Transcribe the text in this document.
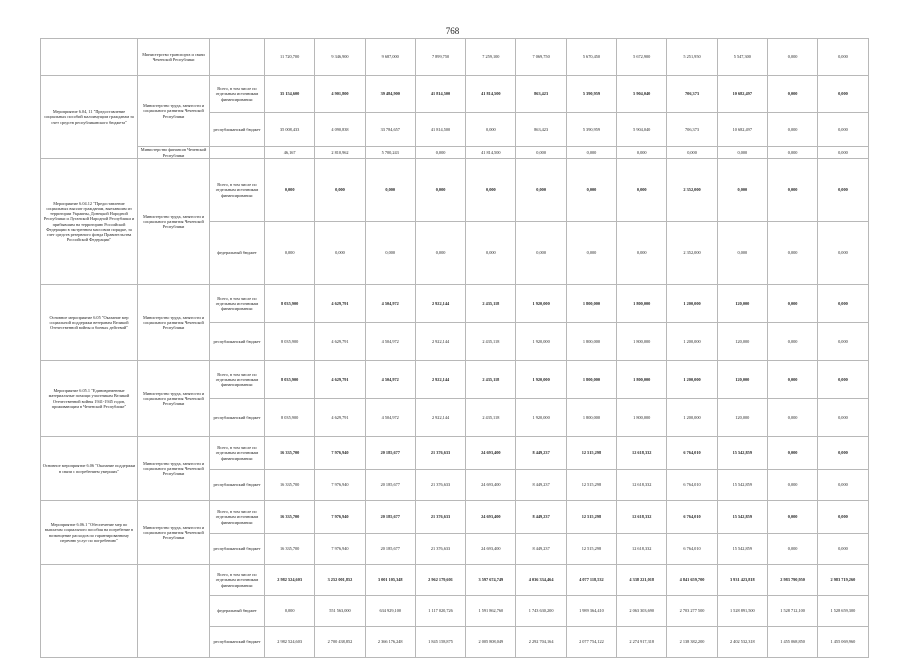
768
	Министерство транспорта и связи Чеченской Республики		11 720,700	9 346,900	9 687,000	7 899,750	7 259,100	7 069,750	5 670,450	5 672,900	5 251,950	5 547,300	0,000	0,000
Мероприятие 6.04, 11 "Предоставление социальных пособий малоимущим гражданам за счет средств республиканского бюджета"	Министерство труда, занятости и социального развития Чеченской Республики	Всего, в том числе по отдельным источникам финансирования:	35 154,600	4 901,800	39 484,900	41 814,500	41 814,500	863,423	5 390,959	5 904,040	706,373	10 682,497	0,000	0,000
		республиканский бюджет	35 008,433	4 090,838	33 784,657	41 814,500	0,000	863,423	5 390,959	5 904,040	706,373	10 682,497	0,000	0,000
	Министерство финансов Чеченской Республики		46,167	2 810,962	5 700,243	0,000	41 814,500	0,000	0,000	0,000	0,000	0,000	0,000	0,000
Мероприятие 6.04.12 "Предоставление социальных выплат гражданам, выехавшим из территории Украины, Донецкой Народной Республики и Луганской Народной Республики и прибывшим на территорию Российской Федерации в экстренном массовом порядке, за счет средств резервного фонда Правительства Российской Федерации"	Министерство труда, занятости и социального развития Чеченской Республики	Всего, в том числе по отдельным источникам финансирования:	0,000	0,000	0,000	0,000	0,000	0,000	0,000	0,000	2 352,000	0,000	0,000	0,000
		федеральный бюджет	0,000	0,000	0,000	0,000	0,000	0,000	0,000	0,000	2 352,000	0,000	0,000	0,000
Основное мероприятие 6.05 "Оказание мер социальной поддержки ветеранам Великой Отечественной войны и боевых действий"	Министерство труда, занятости и социального развития Чеченской Республики	Всего, в том числе по отдельным источникам финансирования:	8 035,900	4 629,791	4 504,972	2 922,144	2 435,118	1 920,000	1 800,000	1 800,000	1 200,000	120,000	0,000	0,000
		республиканский бюджет	8 035,900	4 629,791	4 504,972	2 922,144	2 435,118	1 920,000	1 800,000	1 800,000	1 200,000	120,000	0,000	0,000
Мероприятие 6.05.1 "Единовременные материальные помощи участникам Великой Отечественной войны 1941-1945 годов, проживающим в Чеченской Республике"	Министерство труда, занятости и социального развития Чеченской Республики	Всего, в том числе по отдельным источникам финансирования:	8 035,900	4 629,791	4 504,972	2 922,144	2 435,118	1 920,000	1 800,000	1 800,000	1 200,000	120,000	0,000	0,000
		республиканский бюджет	8 035,900	4 629,791	4 504,972	2 922,144	2 435,118	1 920,000	1 800,000	1 800,000	1 200,000	120,000	0,000	0,000
Основное мероприятие 6.06 "Оказание поддержки в связи с погребением умерших"	Министерство труда, занятости и социального развития Чеченской Республики	Всего, в том числе по отдельным источникам финансирования:	16 335,700	7 976,940	20 185,677	21 376,633	24 693,400	8 449,237	12 515,298	12 618,332	6 764,010	15 542,859	0,000	0,000
		республиканский бюджет	16 335,700	7 976,940	20 185,677	21 376,633	24 693,400	8 449,237	12 515,298	12 618,332	6 764,010	15 542,859	0,000	0,000
Мероприятие 6.06.1 "Обеспечение мер по выплатам социального пособия на погребение в возмещение расходов по гарантированному перечню услуг по погребению"	Министерство труда, занятости и социального развития Чеченской Республики	Всего, в том числе по отдельным источникам финансирования:	16 335,700	7 976,940	20 185,677	21 376,633	24 693,400	8 449,237	12 515,298	12 618,332	6 764,010	15 542,859	0,000	0,000
		республиканский бюджет	16 335,700	7 976,940	20 185,677	21 376,633	24 693,400	8 449,237	12 515,298	12 618,332	6 764,010	15 542,859	0,000	0,000
		Всего, в том числе по отдельным источникам финансирования:	2 982 524,603	3 252 001,852	3 001 105,348	2 962 179,601	3 597 674,749	4 036 334,464	4 077 118,532	4 338 221,018	4 841 659,700	3 931 423,818	2 983 790,950	2 983 719,260
		федеральный бюджет	0,000	551 563,000	634 929,100	1 117 020,726	1 591 862,760	1 743 630,200	1 989 364,410	2 063 303,690	2 703 277 500	1 528 891,500	1 528 712,100	1 528 659,300
		республиканский бюджет	2 982 524,603	2 700 438,852	2 366 176,248	1 845 158,875	2 005 808,049	2 292 704,164	2 077 754,122	2 274 917,318	2 138 382,200	2 402 532,318	1 455 068,850	1 455 069,960
